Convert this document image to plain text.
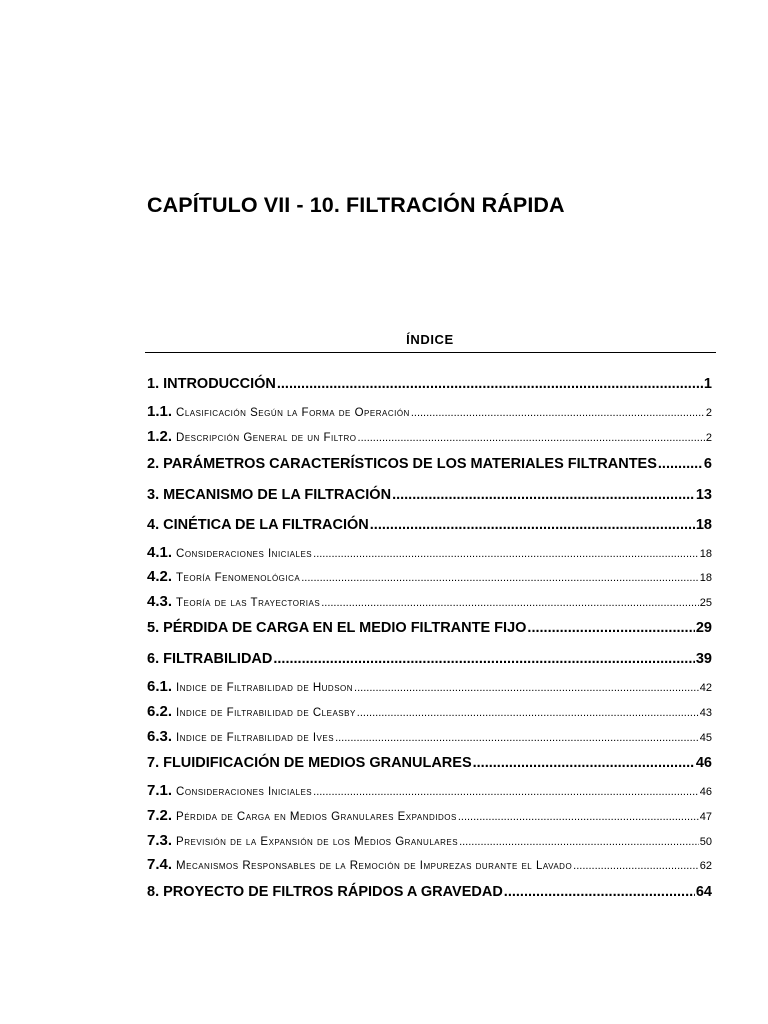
CAPÍTULO VII - 10. FILTRACIÓN RÁPIDA
ÍNDICE
1. INTRODUCCIÓN .....	1
1.1. Clasificación Según la Forma de Operación .....	2
1.2. Descripción General de un Filtro .....	2
2. PARÁMETROS CARACTERÍSTICOS DE LOS MATERIALES FILTRANTES .....	6
3. MECANISMO DE LA FILTRACIÓN .....	13
4. CINÉTICA DE LA FILTRACIÓN .....	18
4.1. Consideraciones Iniciales .....	18
4.2. Teoría Fenomenológica .....	18
4.3. Teoría de las Trayectorias .....	25
5. PÉRDIDA DE CARGA EN EL MEDIO FILTRANTE FIJO .....	29
6. FILTRABILIDAD .....	39
6.1. Indice de Filtrabilidad de Hudson .....	42
6.2. Indice de Filtrabilidad de Cleasby .....	43
6.3. Indice de Filtrabilidad de Ives .....	45
7. FLUIDIFICACIÓN DE MEDIOS GRANULARES .....	46
7.1. Consideraciones Iniciales .....	46
7.2. Pérdida de Carga en Medios Granulares Expandidos .....	47
7.3. Previsión de la Expansión de los Medios Granulares .....	50
7.4. Mecanismos Responsables de la Remoción de Impurezas durante el Lavado .....	62
8. PROYECTO DE FILTROS RÁPIDOS A GRAVEDAD .....	64
